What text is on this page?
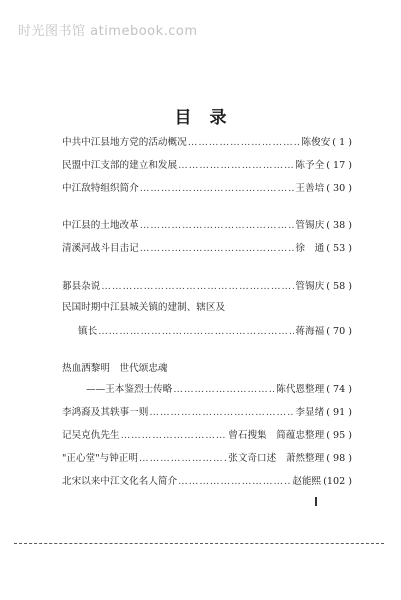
时光图书馆 atimebook.com
目录
中共中江县地方党的活动概况 …………………………………………………………………………………………………………………………………	陈俊安 ( 1 )
民盟中江支部的建立和发展 …………………………………………………………………………………………………………………………………	陈予全 ( 17 )
中江敌特组织简介 …………………………………………………………………………………………………………………………………	王善培 ( 30 )
中江县的土地改革 …………………………………………………………………………………………………………………………………	管锡庆 ( 38 )
清溪河战斗目击记 …………………………………………………………………………………………………………………………………	徐　通 ( 53 )
郪县杂说 …………………………………………………………………………………………………………………………………	管锡庆 ( 58 )
民国时期中江县城关镇的建制、辖区及
镇长 …………………………………………………………………………………………………………………………………	蒋海福 ( 70 )
热血洒黎明　世代颂忠魂
——王本鉴烈士传略 …………………………………………………………………………………………………………………………………	陈代恩整理 ( 74 )
李鸿裔及其轶事一则 …………………………………………………………………………………………………………………………………	李显绪 ( 91 )
记吴克仇先生 …………………………………………………………………………………………………………………………………	曾石搜集　简蕴忠整理 ( 95 )
"正心堂"与钟正明 …………………………………………………………………………………………………………………………………	张文奇口述　萧然整理 ( 98 )
北宋以来中江文化名人简介 …………………………………………………………………………………………………………………………………	赵能熙 (102 )
